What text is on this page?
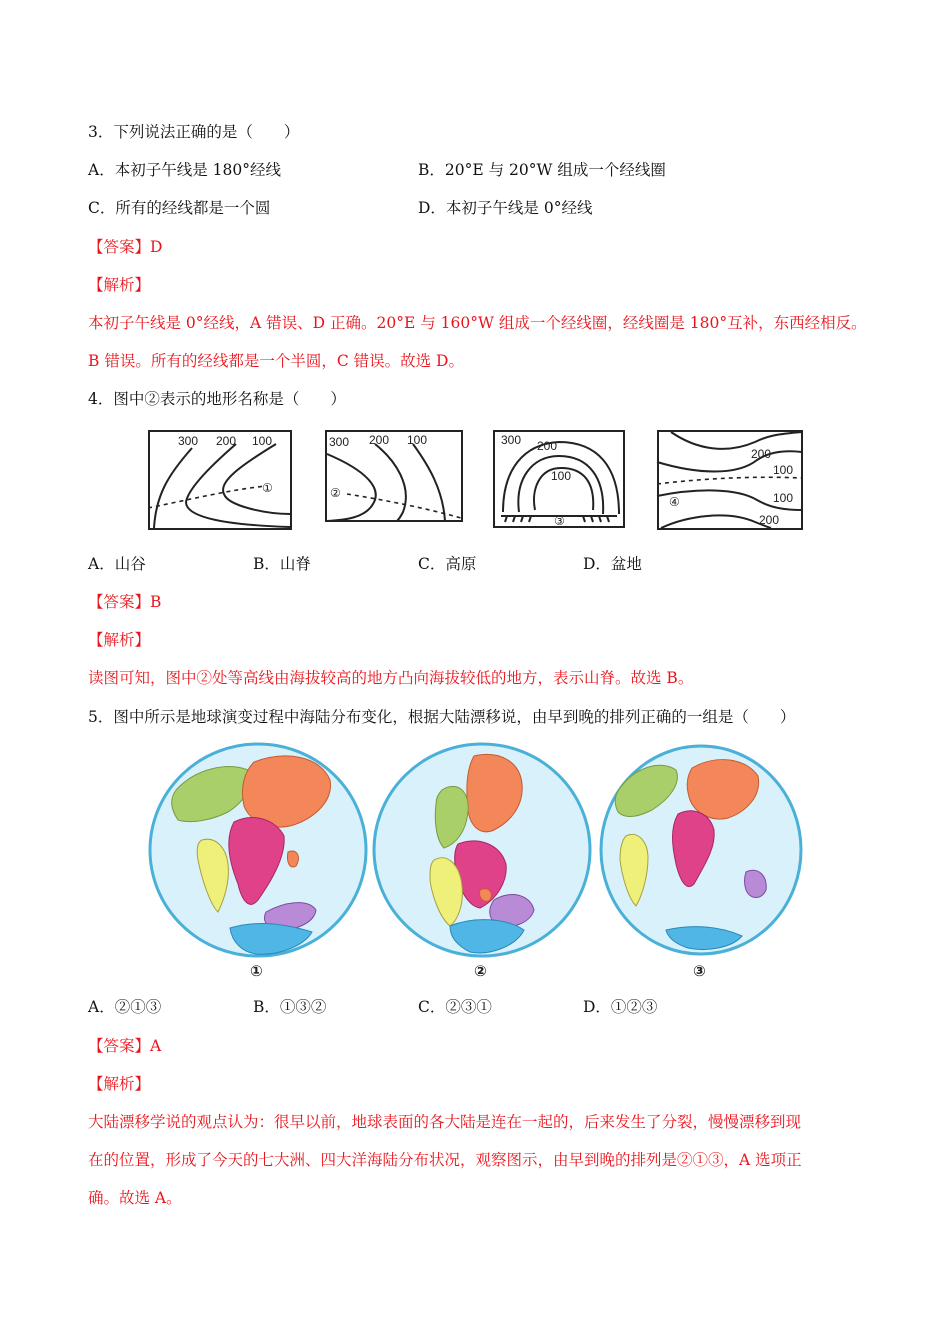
3．下列说法正确的是（　　）
A．本初子午线是 180°经线	B．20°E 与 20°W 组成一个经线圈
C．所有的经线都是一个圆	D．本初子午线是 0°经线
【答案】D
【解析】
本初子午线是 0°经线，A 错误、D 正确。20°E 与 160°W 组成一个经线圈，经线圈是 180°互补，东西经相反。
B 错误。所有的经线都是一个半圆，C 错误。故选 D。
4．图中②表示的地形名称是（　　）
300 200 100
①
300 200 100
②
300 200
100
③
200
100
100
200
④
A．山谷	B．山脊	C．高原	D．盆地
【答案】B
【解析】
读图可知，图中②处等高线由海拔较高的地方凸向海拔较低的地方，表示山脊。故选 B。
5．图中所示是地球演变过程中海陆分布变化，根据大陆漂移说，由早到晚的排列正确的一组是（　　）
①	②	③
A．②①③	B．①③②	C．②③①	D．①②③
【答案】A
【解析】
大陆漂移学说的观点认为：很早以前，地球表面的各大陆是连在一起的，后来发生了分裂，慢慢漂移到现
在的位置，形成了今天的七大洲、四大洋海陆分布状况，观察图示，由早到晚的排列是②①③，A 选项正
确。故选 A。
